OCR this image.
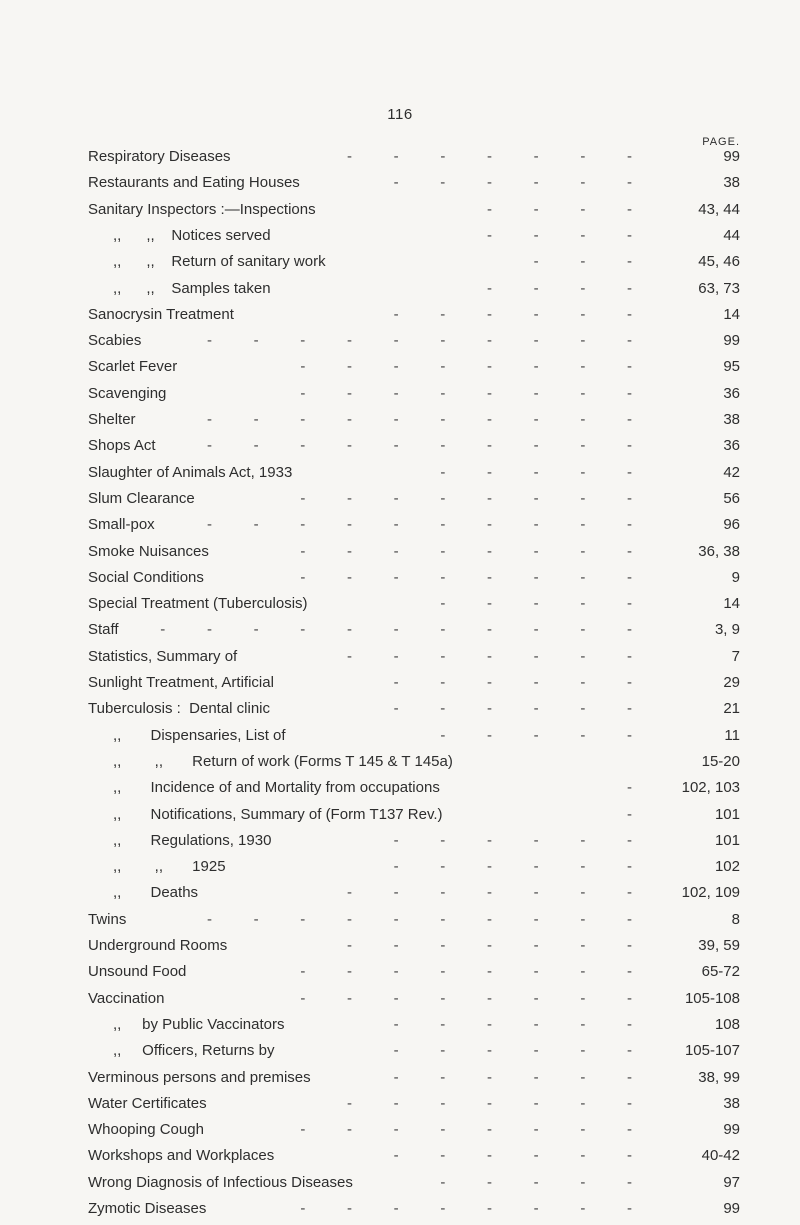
116
PAGE.
Respiratory Diseases	-          -          -          -          -          -          -	99
Restaurants and Eating Houses	-          -          -          -          -          -	38
Sanitary Inspectors :—Inspections	-          -          -          -	43, 44
,,      ,,    Notices served	-          -          -          -	44
,,      ,,    Return of sanitary work	-          -          -	45, 46
,,      ,,    Samples taken	-          -          -          -	63, 73
Sanocrysin Treatment	-          -          -          -          -          -	14
Scabies	-          -          -          -          -          -          -          -          -          -	99
Scarlet Fever	-          -          -          -          -          -          -          -	95
Scavenging	-          -          -          -          -          -          -          -	36
Shelter	-          -          -          -          -          -          -          -          -          -	38
Shops Act	-          -          -          -          -          -          -          -          -          -	36
Slaughter of Animals Act, 1933	-          -          -          -          -	42
Slum Clearance	-          -          -          -          -          -          -          -	56
Small-pox	-          -          -          -          -          -          -          -          -          -	96
Smoke Nuisances	-          -          -          -          -          -          -          -	36, 38
Social Conditions	-          -          -          -          -          -          -          -	9
Special Treatment (Tuberculosis)	-          -          -          -          -	14
Staff	-          -          -          -          -          -          -          -          -          -          -	3, 9
Statistics, Summary of	-          -          -          -          -          -          -	7
Sunlight Treatment, Artificial	-          -          -          -          -          -	29
Tuberculosis :  Dental clinic	-          -          -          -          -          -	21
,,       Dispensaries, List of	-          -          -          -          -	11
,,        ,,       Return of work (Forms T 145 & T 145a)	15-20
,,       Incidence of and Mortality from occupations	-	102, 103
,,       Notifications, Summary of (Form T137 Rev.)	-	101
,,       Regulations, 1930	-          -          -          -          -          -	101
,,        ,,       1925	-          -          -          -          -          -	102
,,       Deaths	-          -          -          -          -          -          -	102, 109
Twins	-          -          -          -          -          -          -          -          -          -	8
Underground Rooms	-          -          -          -          -          -          -	39, 59
Unsound Food	-          -          -          -          -          -          -          -	65-72
Vaccination	-          -          -          -          -          -          -          -	105-108
,,     by Public Vaccinators	-          -          -          -          -          -	108
,,     Officers, Returns by	-          -          -          -          -          -	105-107
Verminous persons and premises	-          -          -          -          -          -	38, 99
Water Certificates	-          -          -          -          -          -          -	38
Whooping Cough	-          -          -          -          -          -          -          -	99
Workshops and Workplaces	-          -          -          -          -          -	40-42
Wrong Diagnosis of Infectious Diseases	-          -          -          -          -	97
Zymotic Diseases	-          -          -          -          -          -          -          -	99
